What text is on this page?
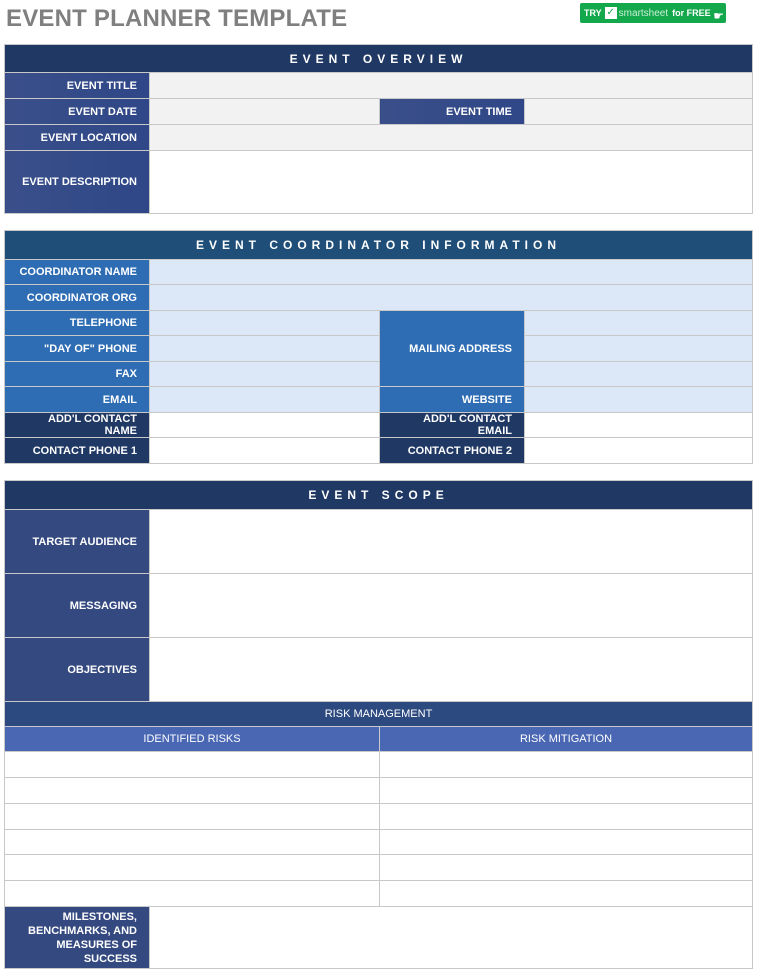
EVENT PLANNER TEMPLATE	TRY ✓ smartsheet for FREE ☛
EVENT OVERVIEW			
EVENT TITLE			
EVENT DATE		EVENT TIME	
EVENT LOCATION			
EVENT DESCRIPTION			
EVENT COORDINATOR INFORMATION			
COORDINATOR NAME			
COORDINATOR ORG			
TELEPHONE		MAILING ADDRESS	
"DAY OF" PHONE			
FAX			
EMAIL		WEBSITE	
ADD'L CONTACT NAME		ADD'L CONTACT EMAIL	
CONTACT PHONE 1		CONTACT PHONE 2	
EVENT SCOPE		
TARGET AUDIENCE		
MESSAGING		
OBJECTIVES		
RISK MANAGEMENT		
IDENTIFIED RISKS		RISK MITIGATION

MILESTONES, BENCHMARKS, AND MEASURES OF SUCCESS		
